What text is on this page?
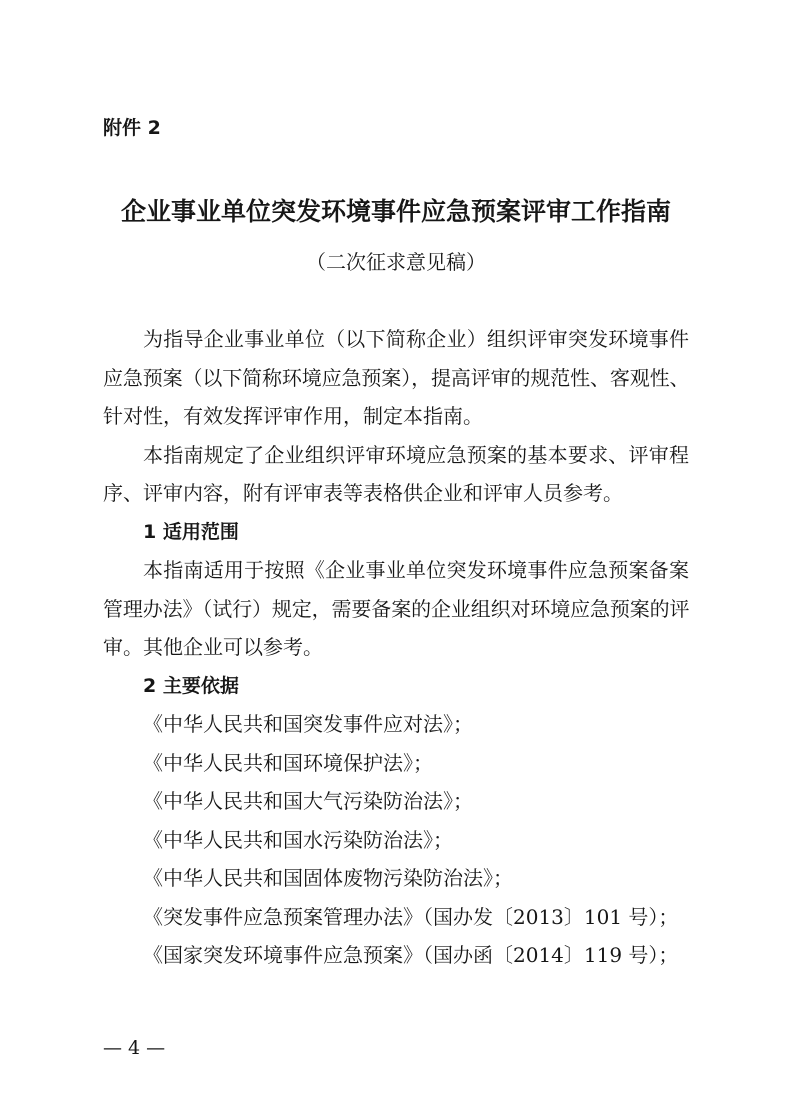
附件 2
企业事业单位突发环境事件应急预案评审工作指南
（二次征求意见稿）
为指导企业事业单位（以下简称企业）组织评审突发环境事件
应急预案（以下简称环境应急预案），提高评审的规范性、客观性、
针对性，有效发挥评审作用，制定本指南。
本指南规定了企业组织评审环境应急预案的基本要求、评审程
序、评审内容，附有评审表等表格供企业和评审人员参考。
1 适用范围
本指南适用于按照《企业事业单位突发环境事件应急预案备案
管理办法》（试行）规定，需要备案的企业组织对环境应急预案的评
审。其他企业可以参考。
2 主要依据
《中华人民共和国突发事件应对法》；
《中华人民共和国环境保护法》；
《中华人民共和国大气污染防治法》；
《中华人民共和国水污染防治法》；
《中华人民共和国固体废物污染防治法》；
《突发事件应急预案管理办法》（国办发〔2013〕101 号）；
《国家突发环境事件应急预案》（国办函〔2014〕119 号）；
— 4 —
